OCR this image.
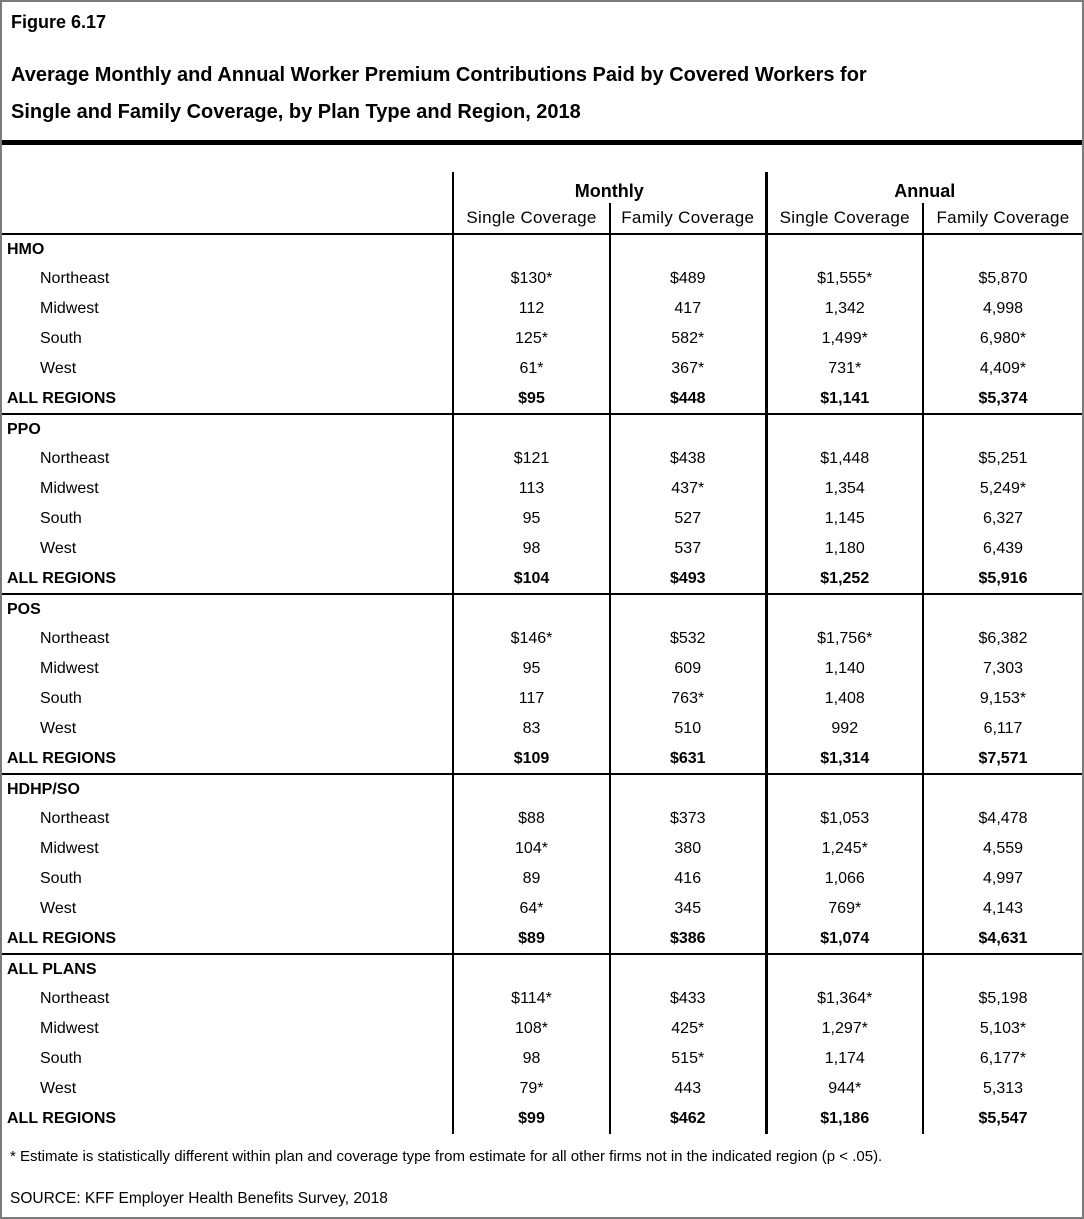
Figure 6.17
Average Monthly and Annual Worker Premium Contributions Paid by Covered Workers for
Single and Family Coverage, by Plan Type and Region, 2018
	Monthly		Annual	
	Single Coverage	Family Coverage	Single Coverage	Family Coverage
HMO				
Northeast	$130*	$489	$1,555*	$5,870
Midwest	112	417	1,342	4,998
South	125*	582*	1,499*	6,980*
West	61*	367*	731*	4,409*
ALL REGIONS	$95	$448	$1,141	$5,374
PPO				
Northeast	$121	$438	$1,448	$5,251
Midwest	113	437*	1,354	5,249*
South	95	527	1,145	6,327
West	98	537	1,180	6,439
ALL REGIONS	$104	$493	$1,252	$5,916
POS				
Northeast	$146*	$532	$1,756*	$6,382
Midwest	95	609	1,140	7,303
South	117	763*	1,408	9,153*
West	83	510	992	6,117
ALL REGIONS	$109	$631	$1,314	$7,571
HDHP/SO				
Northeast	$88	$373	$1,053	$4,478
Midwest	104*	380	1,245*	4,559
South	89	416	1,066	4,997
West	64*	345	769*	4,143
ALL REGIONS	$89	$386	$1,074	$4,631
ALL PLANS				
Northeast	$114*	$433	$1,364*	$5,198
Midwest	108*	425*	1,297*	5,103*
South	98	515*	1,174	6,177*
West	79*	443	944*	5,313
ALL REGIONS	$99	$462	$1,186	$5,547
* Estimate is statistically different within plan and coverage type from estimate for all other firms not in the indicated region (p < .05).
SOURCE: KFF Employer Health Benefits Survey, 2018
